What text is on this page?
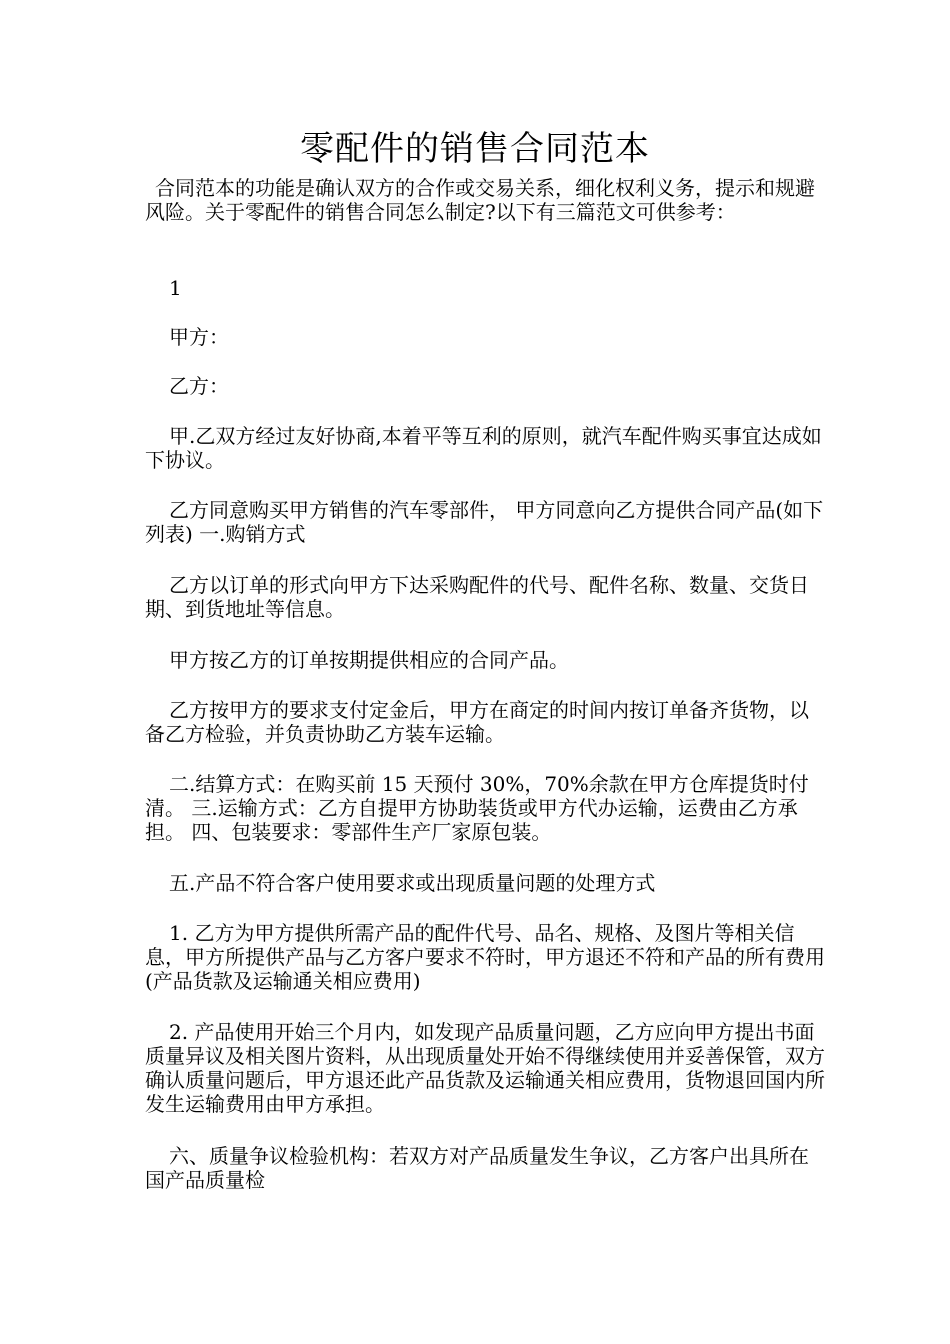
零配件的销售合同范本

合同范本的功能是确认双方的合作或交易关系，细化权利义务，提示和规避风险。关于零配件的销售合同怎么制定?以下有三篇范文可供参考：

1

甲方：

乙方：

甲.乙双方经过友好协商,本着平等互利的原则，就汽车配件购买事宜达成如下协议。

乙方同意购买甲方销售的汽车零部件， 甲方同意向乙方提供合同产品(如下列表) 一.购销方式

乙方以订单的形式向甲方下达采购配件的代号、配件名称、数量、交货日期、到货地址等信息。

甲方按乙方的订单按期提供相应的合同产品。

乙方按甲方的要求支付定金后，甲方在商定的时间内按订单备齐货物，以备乙方检验，并负责协助乙方装车运输。

二.结算方式：在购买前 15 天预付 30%，70%余款在甲方仓库提货时付清。 三.运输方式：乙方自提甲方协助装货或甲方代办运输，运费由乙方承担。 四、包装要求：零部件生产厂家原包装。

五.产品不符合客户使用要求或出现质量问题的处理方式

1. 乙方为甲方提供所需产品的配件代号、品名、规格、及图片等相关信息，甲方所提供产品与乙方客户要求不符时，甲方退还不符和产品的所有费用(产品货款及运输通关相应费用)

2. 产品使用开始三个月内，如发现产品质量问题，乙方应向甲方提出书面质量异议及相关图片资料，从出现质量处开始不得继续使用并妥善保管，双方确认质量问题后，甲方退还此产品货款及运输通关相应费用，货物退回国内所发生运输费用由甲方承担。

六、质量争议检验机构：若双方对产品质量发生争议，乙方客户出具所在国产品质量检
